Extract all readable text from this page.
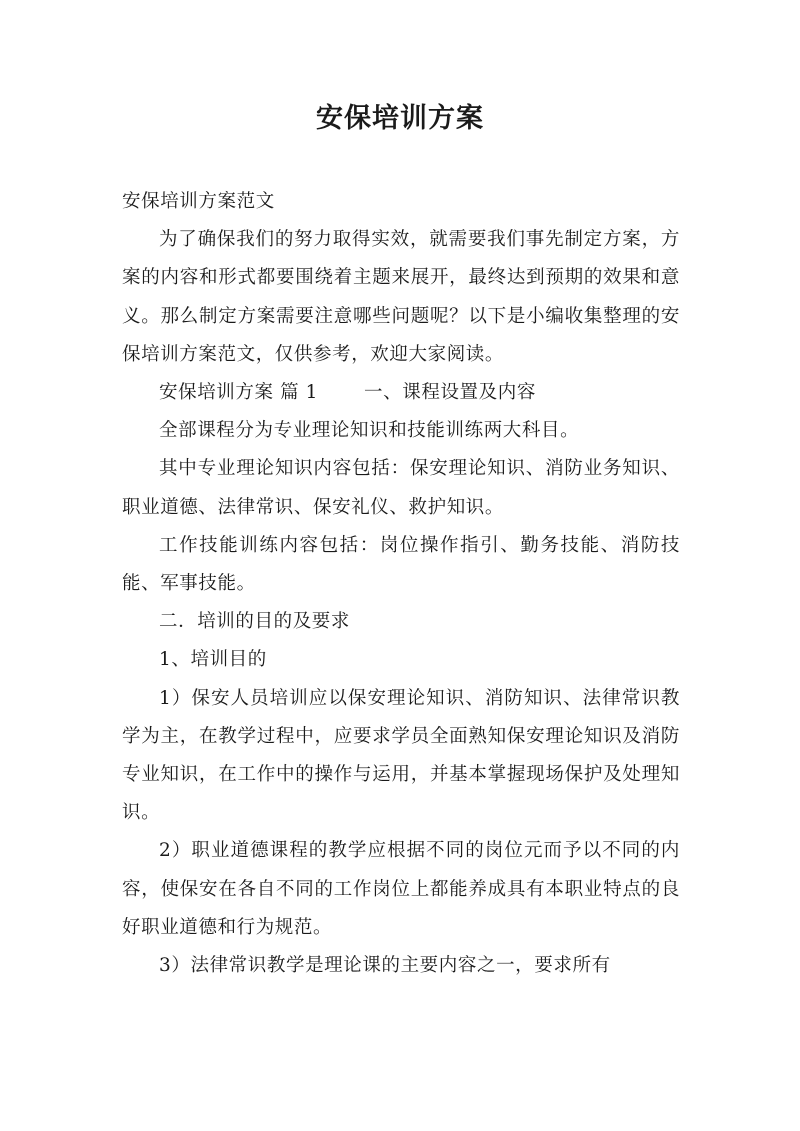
安保培训方案

安保培训方案范文

为了确保我们的努力取得实效，就需要我们事先制定方案，方案的内容和形式都要围绕着主题来展开，最终达到预期的效果和意义。那么制定方案需要注意哪些问题呢？以下是小编收集整理的安保培训方案范文，仅供参考，欢迎大家阅读。

安保培训方案 篇 1 一、课程设置及内容

全部课程分为专业理论知识和技能训练两大科目。

其中专业理论知识内容包括：保安理论知识、消防业务知识、职业道德、法律常识、保安礼仪、救护知识。

工作技能训练内容包括：岗位操作指引、勤务技能、消防技能、军事技能。

二．培训的目的及要求

1、培训目的

1）保安人员培训应以保安理论知识、消防知识、法律常识教学为主，在教学过程中，应要求学员全面熟知保安理论知识及消防专业知识，在工作中的操作与运用，并基本掌握现场保护及处理知识。

2）职业道德课程的教学应根据不同的岗位元而予以不同的内容，使保安在各自不同的工作岗位上都能养成具有本职业特点的良好职业道德和行为规范。

3）法律常识教学是理论课的主要内容之一，要求所有
